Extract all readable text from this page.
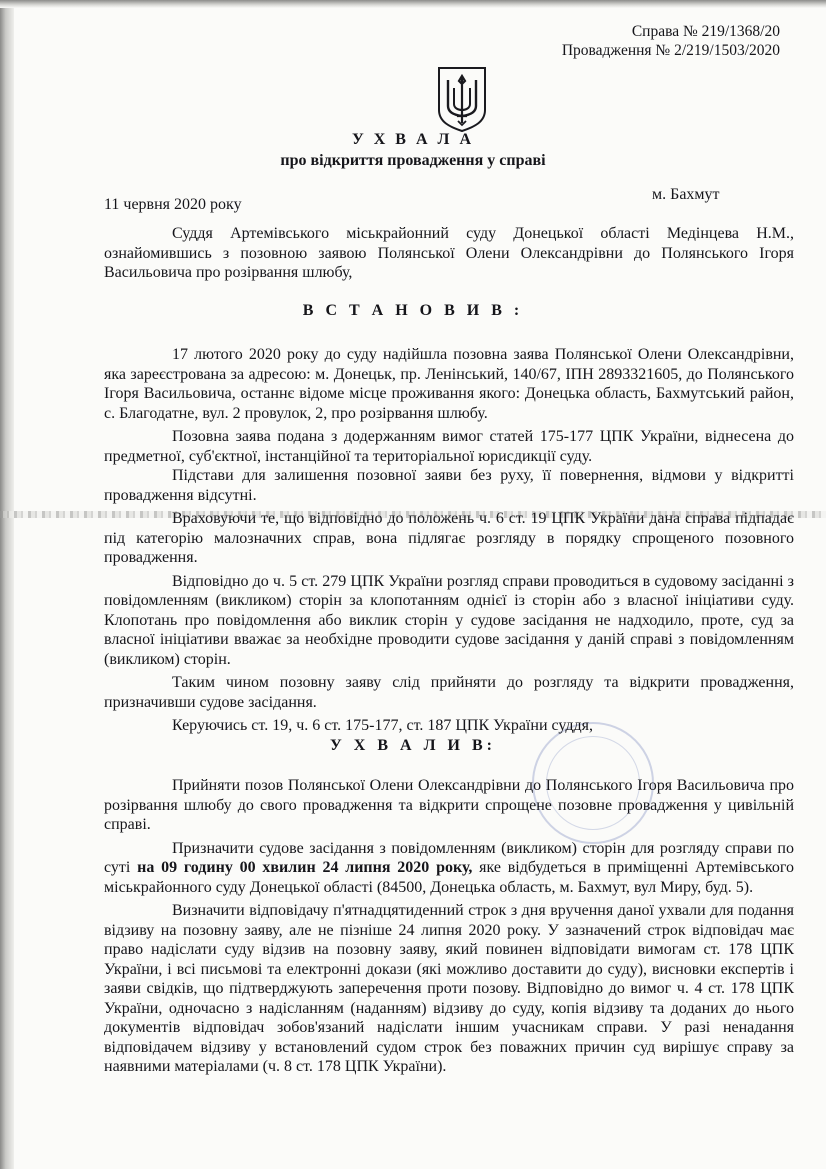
Справа № 219/1368/20
Провадження № 2/219/1503/2020
У Х В А Л А
про відкриття провадження у справі
11 червня 2020 року
м. Бахмут

Суддя Артемівського міськрайонний суду Донецької області Медінцева Н.М., ознайомившись з позовною заявою Полянської Олени Олександрівни до Полянського Ігоря Васильовича про розірвання шлюбу,

В С Т А Н О В И В :

17 лютого 2020 року до суду надійшла позовна заява Полянської Олени Олександрівни, яка зареєстрована за адресою: м. Донецьк, пр. Ленінський, 140/67, ІПН 2893321605, до Полянського Ігоря Васильовича, останнє відоме місце проживання якого: Донецька область, Бахмутський район, с. Благодатне, вул. 2 провулок, 2, про розірвання шлюбу.

Позовна заява подана з додержанням вимог статей 175-177 ЦПК України, віднесена до предметної, суб'єктної, інстанційної та територіальної юрисдикції суду.

Підстави для залишення позовної заяви без руху, її повернення, відмови у відкритті провадження відсутні.

Враховуючи те, що відповідно до положень ч. 6 ст. 19 ЦПК України дана справа підпадає під категорію малозначних справ, вона підлягає розгляду в порядку спрощеного позовного провадження.

Відповідно до ч. 5 ст. 279 ЦПК України розгляд справи проводиться в судовому засіданні з повідомленням (викликом) сторін за клопотанням однієї із сторін або з власної ініціативи суду. Клопотань про повідомлення або виклик сторін у судове засідання не надходило, проте, суд за власної ініціативи вважає за необхідне проводити судове засідання у даній справі з повідомленням (викликом) сторін.

Таким чином позовну заяву слід прийняти до розгляду та відкрити провадження, призначивши судове засідання.

Керуючись ст. 19, ч. 6 ст. 175-177, ст. 187 ЦПК України суддя,

У Х В А Л И В:

Прийняти позов Полянської Олени Олександрівни до Полянського Ігоря Васильовича про розірвання шлюбу до свого провадження та відкрити спрощене позовне провадження у цивільній справі.

Призначити судове засідання з повідомленням (викликом) сторін для розгляду справи по суті на 09 годину 00 хвилин 24 липня 2020 року, яке відбудеться в приміщенні Артемівського міськрайонного суду Донецької області (84500, Донецька область, м. Бахмут, вул Миру, буд. 5).

Визначити відповідачу п'ятнадцятиденний строк з дня вручення даної ухвали для подання відзиву на позовну заяву, але не пізніше 24 липня 2020 року. У зазначений строк відповідач має право надіслати суду відзив на позовну заяву, який повинен відповідати вимогам ст. 178 ЦПК України, і всі письмові та електронні докази (які можливо доставити до суду), висновки експертів і заяви свідків, що підтверджують заперечення проти позову. Відповідно до вимог ч. 4 ст. 178 ЦПК України, одночасно з надісланням (наданням) відзиву до суду, копія відзиву та доданих до нього документів відповідач зобов'язаний надіслати іншим учасникам справи. У разі ненадання відповідачем відзиву у встановлений судом строк без поважних причин суд вирішує справу за наявними матеріалами (ч. 8 ст. 178 ЦПК України).
